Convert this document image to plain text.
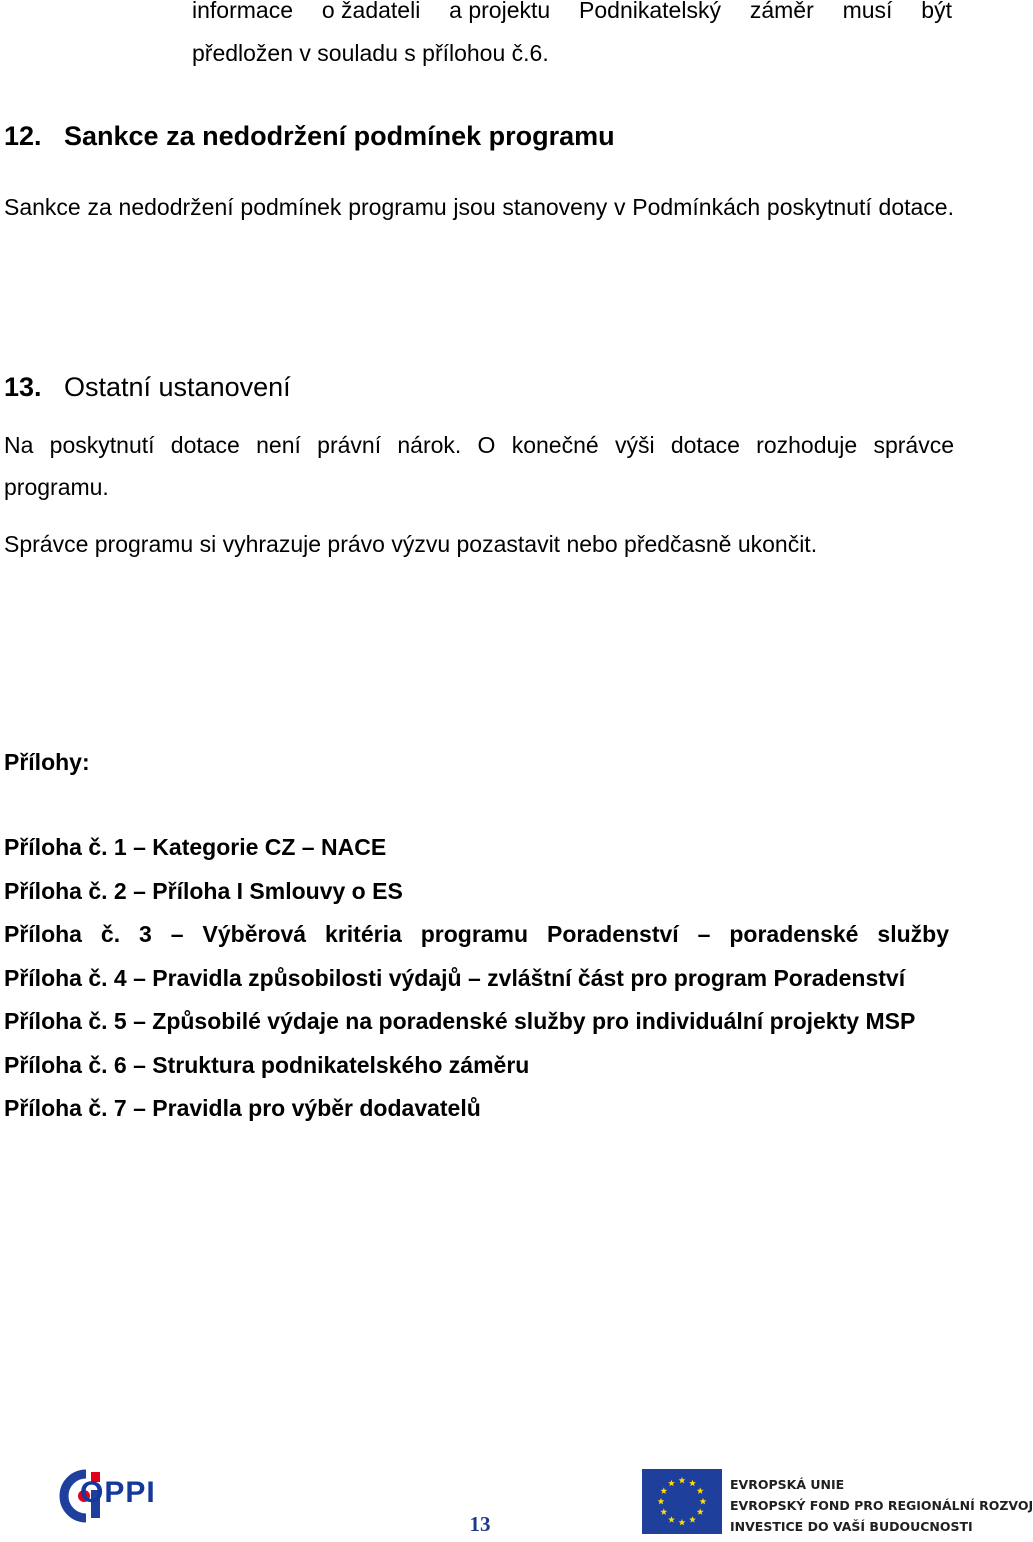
informace o žadateli a projektu Podnikatelský záměr musí být
předložen v souladu s přílohou č.6.
12. Sankce za nedodržení podmínek programu

Sankce za nedodržení podmínek programu jsou stanoveny v Podmínkách poskytnutí dotace.

13. Ostatní ustanovení

Na poskytnutí dotace není právní nárok. O konečné výši dotace rozhoduje správce programu.

Správce programu si vyhrazuje právo výzvu pozastavit nebo předčasně ukončit.

Přílohy:
Příloha č. 1 – Kategorie CZ – NACE
Příloha č. 2 – Příloha I Smlouvy o ES
Příloha č. 3 – Výběrová kritéria programu Poradenství – poradenské služby
Příloha č. 4 – Pravidla způsobilosti výdajů – zvláštní část pro program Poradenství
Příloha č. 5 – Způsobilé výdaje na poradenské služby pro individuální projekty MSP
Příloha č. 6 – Struktura podnikatelského záměru
Příloha č. 7 – Pravidla pro výběr dodavatelů
OPPI
13
EVROPSKÁ UNIE
EVROPSKÝ FOND PRO REGIONÁLNÍ ROZVOJ
INVESTICE DO VAŠÍ BUDOUCNOSTI
